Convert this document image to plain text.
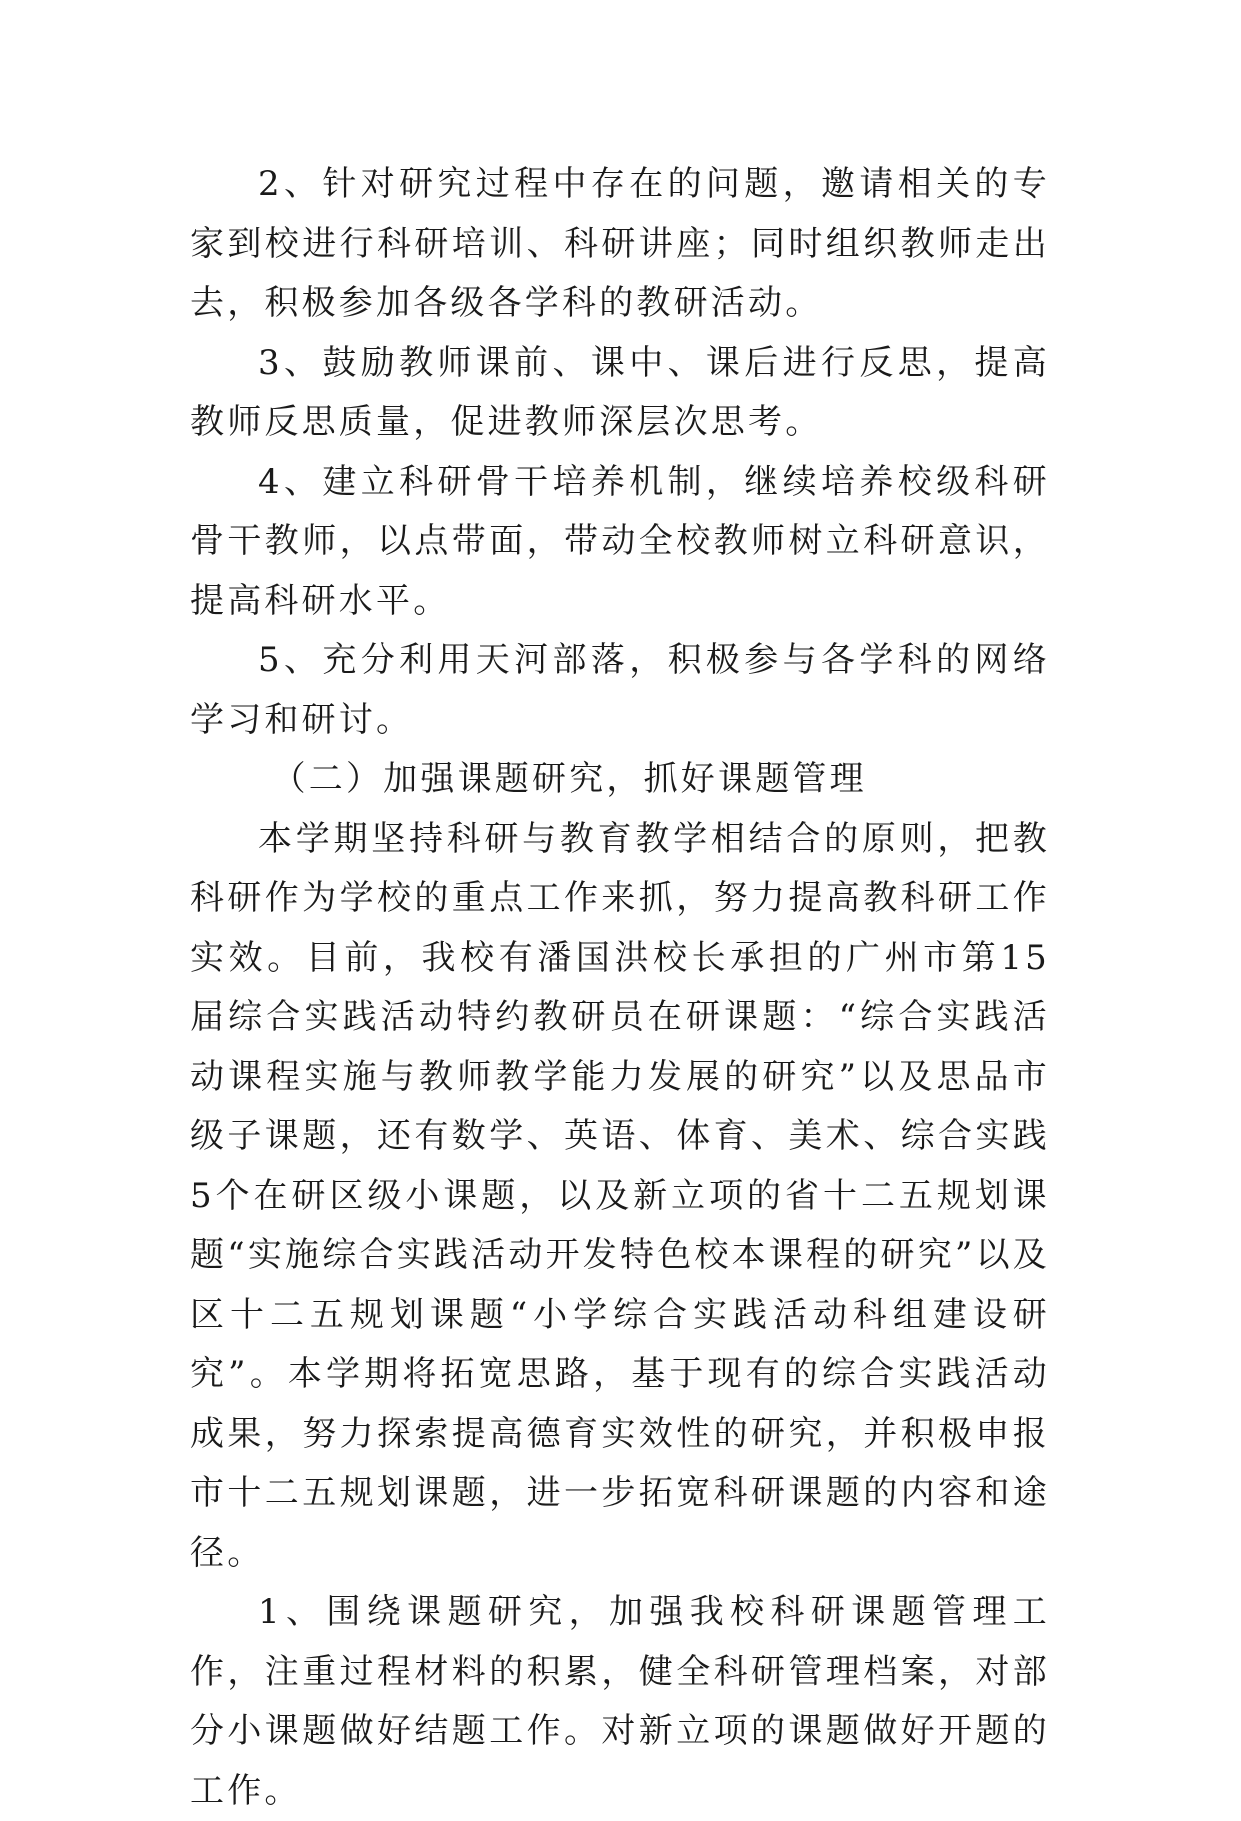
2、针对研究过程中存在的问题，邀请相关的专家到校进行科研培训、科研讲座；同时组织教师走出去，积极参加各级各学科的教研活动。

3、鼓励教师课前、课中、课后进行反思，提高教师反思质量，促进教师深层次思考。

4、建立科研骨干培养机制，继续培养校级科研骨干教师，以点带面，带动全校教师树立科研意识，提高科研水平。

5、充分利用天河部落，积极参与各学科的网络学习和研讨。

（二）加强课题研究，抓好课题管理

本学期坚持科研与教育教学相结合的原则，把教科研作为学校的重点工作来抓，努力提高教科研工作实效。目前，我校有潘国洪校长承担的广州市第15届综合实践活动特约教研员在研课题：“综合实践活动课程实施与教师教学能力发展的研究”以及思品市级子课题，还有数学、英语、体育、美术、综合实践5个在研区级小课题，以及新立项的省十二五规划课题“实施综合实践活动开发特色校本课程的研究”以及区十二五规划课题“小学综合实践活动科组建设研究”。本学期将拓宽思路，基于现有的综合实践活动成果，努力探索提高德育实效性的研究，并积极申报市十二五规划课题，进一步拓宽科研课题的内容和途径。

1、围绕课题研究，加强我校科研课题管理工作，注重过程材料的积累，健全科研管理档案，对部分小课题做好结题工作。对新立项的课题做好开题的工作。
